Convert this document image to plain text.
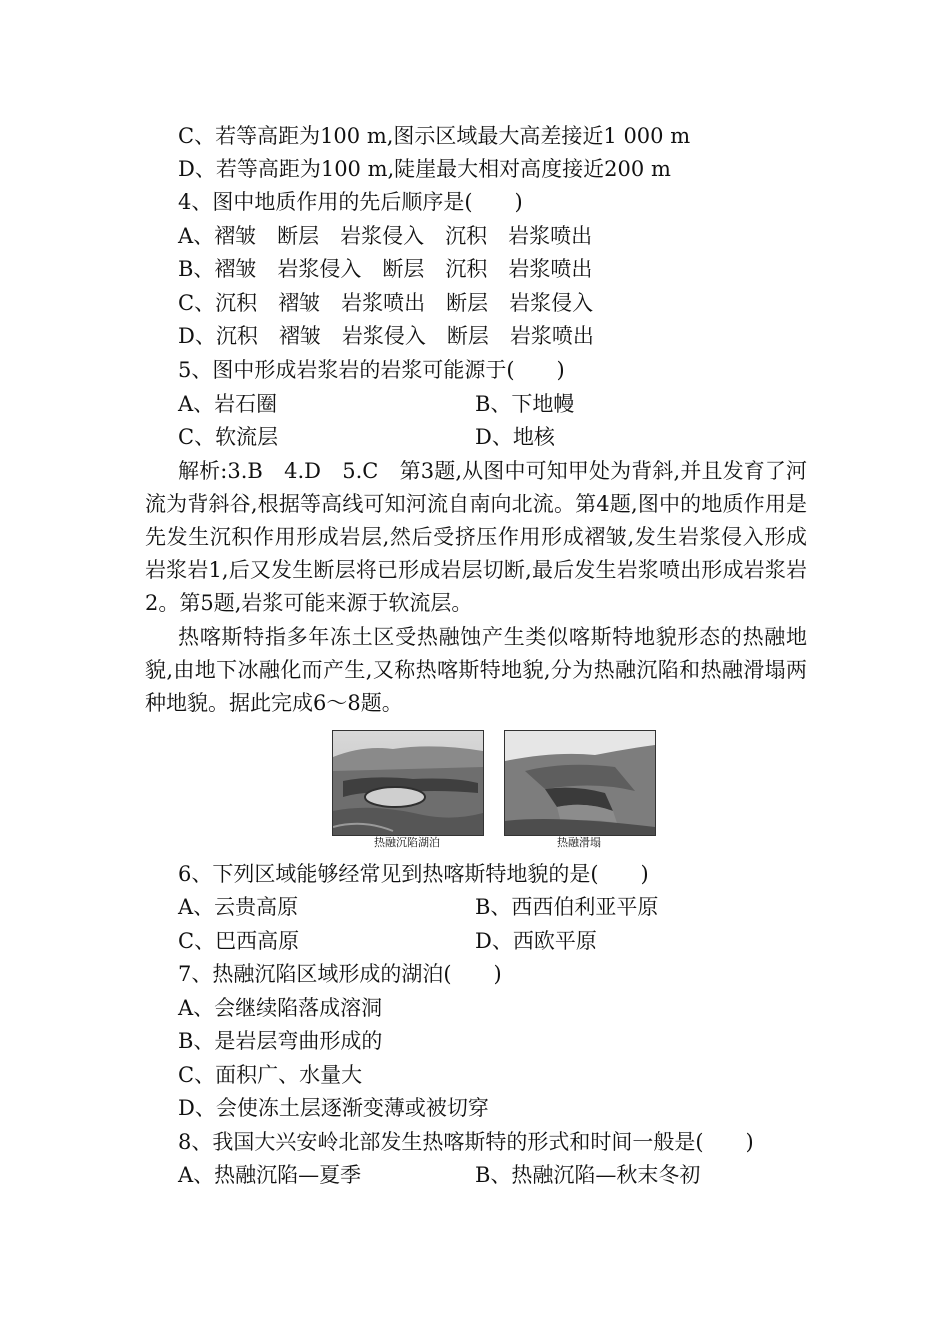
C、若等高距为100 m,图示区域最大高差接近1 000 m
D、若等高距为100 m,陡崖最大相对高度接近200 m
4、图中地质作用的先后顺序是(　　)
A、褶皱　断层　岩浆侵入　沉积　岩浆喷出
B、褶皱　岩浆侵入　断层　沉积　岩浆喷出
C、沉积　褶皱　岩浆喷出　断层　岩浆侵入
D、沉积　褶皱　岩浆侵入　断层　岩浆喷出
5、图中形成岩浆岩的岩浆可能源于(　　)
A、岩石圈	B、下地幔
C、软流层	D、地核
解析:3.B　4.D　5.C　第3题,从图中可知甲处为背斜,并且发育了河流为背斜谷,根据等高线可知河流自南向北流。第4题,图中的地质作用是先发生沉积作用形成岩层,然后受挤压作用形成褶皱,发生岩浆侵入形成岩浆岩1,后又发生断层将已形成岩层切断,最后发生岩浆喷出形成岩浆岩2。第5题,岩浆可能来源于软流层。
热喀斯特指多年冻土区受热融蚀产生类似喀斯特地貌形态的热融地貌,由地下冰融化而产生,又称热喀斯特地貌,分为热融沉陷和热融滑塌两种地貌。据此完成6～8题。
热融沉陷湖泊	热融滑塌
6、下列区域能够经常见到热喀斯特地貌的是(　　)
A、云贵高原	B、西西伯利亚平原
C、巴西高原	D、西欧平原
7、热融沉陷区域形成的湖泊(　　)
A、会继续陷落成溶洞
B、是岩层弯曲形成的
C、面积广、水量大
D、会使冻土层逐渐变薄或被切穿
8、我国大兴安岭北部发生热喀斯特的形式和时间一般是(　　)
A、热融沉陷—夏季	B、热融沉陷—秋末冬初
